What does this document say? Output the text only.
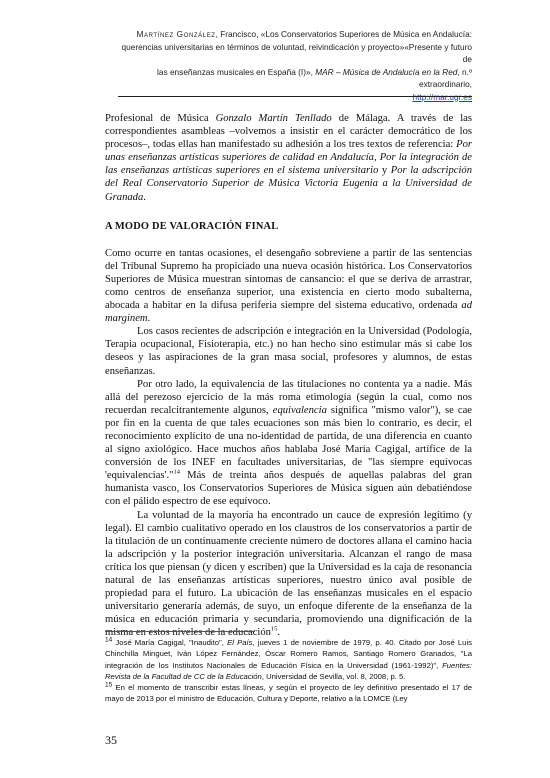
Martínez González, Francisco, «Los Conservatorios Superiores de Música en Andalucía:
querencias universitarias en términos de voluntad, reivindicación y proyecto»«Presente y futuro de
las enseñanzas musicales en España (I)», MAR – Música de Andalucía en la Red, n.º extraordinario,
http://mar.ugr.es

Profesional de Música Gonzalo Martín Tenllado de Málaga. A través de las correspondientes asambleas –volvemos a insistir en el carácter democrático de los procesos–, todas ellas han manifestado su adhesión a los tres textos de referencia: Por unas enseñanzas artísticas superiores de calidad en Andalucía, Por la integración de las enseñanzas artísticas superiores en el sistema universitario y Por la adscripción del Real Conservatorio Superior de Música Victoria Eugenia a la Universidad de Granada.

A MODO DE VALORACIÓN FINAL

Como ocurre en tantas ocasiones, el desengaño sobreviene a partir de las sentencias del Tribunal Supremo ha propiciado una nueva ocasión histórica. Los Conservatorios Superiores de Música muestran síntomas de cansancio: el que se deriva de arrastrar, como centros de enseñanza superior, una existencia en cierto modo subalterna, abocada a habitar en la difusa periferia siempre del sistema educativo, ordenada ad marginem.

Los casos recientes de adscripción e integración en la Universidad (Podología, Terapia ocupacional, Fisioterapia, etc.) no han hecho sino estimular más si cabe los deseos y las aspiraciones de la gran masa social, profesores y alumnos, de estas enseñanzas.

Por otro lado, la equivalencia de las titulaciones no contenta ya a nadie. Más allá del perezoso ejercicio de la más roma etimología (según la cual, como nos recuerdan recalcitrantemente algunos, equivalencia significa "mismo valor"), se cae por fin en la cuenta de que tales ecuaciones son más bien lo contrario, es decir, el reconocimiento explícito de una no-identidad de partida, de una diferencia en cuanto al signo axiológico. Hace muchos años hablaba José María Cagigal, artífice de la conversión de los INEF en facultades universitarias, de "las siempre equívocas 'equivalencias'."$^{14}$ Más de treinta años después de aquellas palabras del gran humanista vasco, los Conservatorios Superiores de Música siguen aún debatiéndose con el pálido espectro de ese equívoco.

La voluntad de la mayoría ha encontrado un cauce de expresión legítimo (y legal). El cambio cualitativo operado en los claustros de los conservatorios a partir de la titulación de un continuamente creciente número de doctores allana el camino hacia la adscripción y la posterior integración universitaria. Alcanzan el rango de masa crítica los que piensan (y dicen y escriben) que la Universidad es la caja de resonancia natural de las enseñanzas artísticas superiores, nuestro único aval posible de propiedad para el futuro. La ubicación de las enseñanzas musicales en el espacio universitario generaría además, de suyo, un enfoque diferente de la enseñanza de la música en educación primaria y secundaria, promoviendo una dignificación de la misma en estos niveles de la educación$^{15}$.

$^{14}$ José María Cagigal, "Inaudito", El País, jueves 1 de noviembre de 1979, p. 40. Citado por José Luis Chinchilla Minguet, Iván López Fernández, Óscar Romero Ramos, Santiago Romero Granados, "La integración de los Institutos Nacionales de Educación Física en la Universidad (1961-1992)", Fuentes: Revista de la Facultad de CC de la Educación, Universidad de Sevilla, vol. 8, 2008, p. 5.

$^{15}$ En el momento de transcribir estas líneas, y según el proyecto de ley definitivo presentado el 17 de mayo de 2013 por el ministro de Educación, Cultura y Deporte, relativo a la LOMCE (Ley

35
